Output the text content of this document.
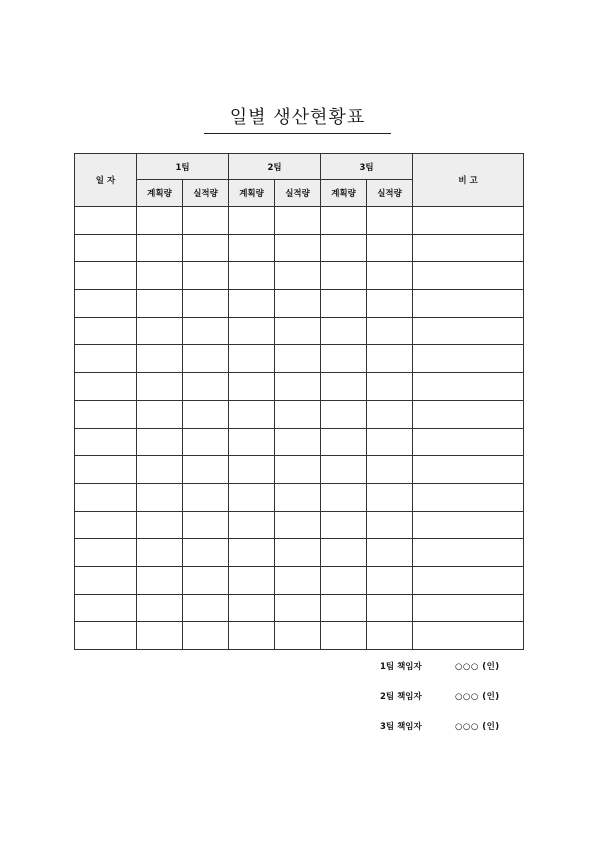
일별 생산현황표
일 자	1팀		2팀		3팀		비 고
	계획량	실적량	계획량	실적량	계획량	실적량	

1팀 책임자	○○○ (인)
2팀 책임자	○○○ (인)
3팀 책임자	○○○ (인)
